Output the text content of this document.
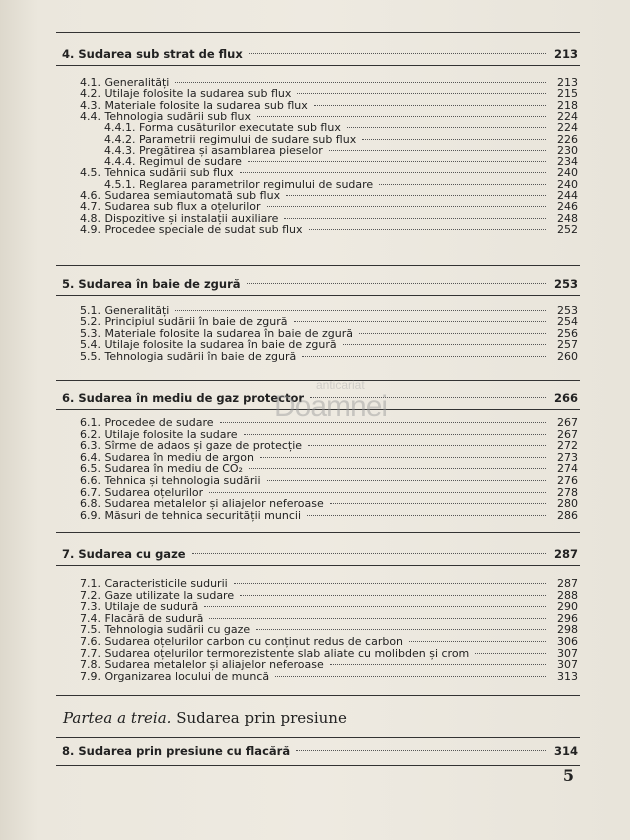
4. Sudarea sub strat de flux	213
4.1. Generalități	213
4.2. Utilaje folosite la sudarea sub flux	215
4.3. Materiale folosite la sudarea sub flux	218
4.4. Tehnologia sudării sub flux	224
4.4.1. Forma cusăturilor executate sub flux	224
4.4.2. Parametrii regimului de sudare sub flux	226
4.4.3. Pregătirea și asamblarea pieselor	230
4.4.4. Regimul de sudare	234
4.5. Tehnica sudării sub flux	240
4.5.1. Reglarea parametrilor regimului de sudare	240
4.6. Sudarea semiautomată sub flux	244
4.7. Sudarea sub flux a oțelurilor	246
4.8. Dispozitive și instalații auxiliare	248
4.9. Procedee speciale de sudat sub flux	252
5. Sudarea în baie de zgură	253
5.1. Generalități	253
5.2. Principiul sudării în baie de zgură	254
5.3. Materiale folosite la sudarea în baie de zgură	256
5.4. Utilaje folosite la sudarea în baie de zgură	257
5.5. Tehnologia sudării în baie de zgură	260
6. Sudarea în mediu de gaz protector	266
6.1. Procedee de sudare	267
6.2. Utilaje folosite la sudare	267
6.3. Sîrme de adaos și gaze de protecție	272
6.4. Sudarea în mediu de argon	273
6.5. Sudarea în mediu de CO₂	274
6.6. Tehnica și tehnologia sudării	276
6.7. Sudarea oțelurilor	278
6.8. Sudarea metalelor și aliajelor neferoase	280
6.9. Măsuri de tehnica securității muncii	286
7. Sudarea cu gaze	287
7.1. Caracteristicile sudurii	287
7.2. Gaze utilizate la sudare	288
7.3. Utilaje de sudură	290
7.4. Flacără de sudură	296
7.5. Tehnologia sudării cu gaze	298
7.6. Sudarea oțelurilor carbon cu conținut redus de carbon	306
7.7. Sudarea oțelurilor termorezistente slab aliate cu molibden și crom	307
7.8. Sudarea metalelor și aliajelor neferoase	307
7.9. Organizarea locului de muncă	313
8. Sudarea prin presiune cu flacără	314
Partea a treia. Sudarea prin presiune
5
anticariat
Doamnei
